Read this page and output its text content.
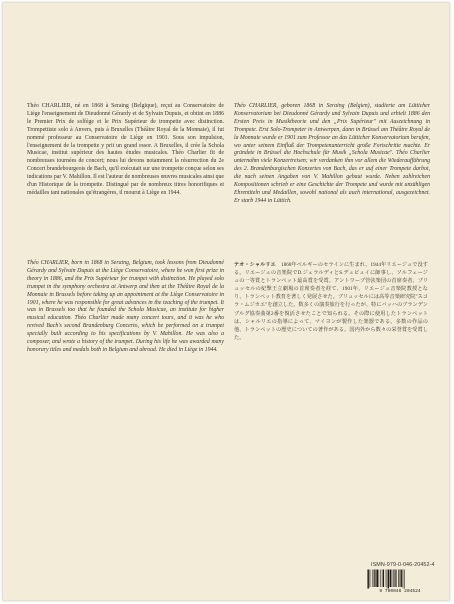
Théo CHARLIER, né en 1868 à Seraing (Belgique), reçut au Conservatoire de Liège l'enseignement de Dieudonné Gérardy et de Sylvain Dupuis, et obtint en 1886 le Premier Prix de solfège et le Prix Supérieur de trompette avec distinction. Trompettiste solo à Anvers, puis à Bruxelles (Théâtre Royal de la Monnaie), il fut nommé professeur au Conservatoire de Liège en 1901. Sous son impulsion, l'enseignement de la trompette y prit un grand essor. A Bruxelles, il crée la Schola Musicae, institut supérieur des hautes études musicales. Théo Charlier fit de nombreuses tournées de concert; nous lui devons notamment la résurrection du 2e Concert brandebourgeois de Bach, qu'il exécutait sur une trompette conçue selon ses indications par V. Mahillon. Il est l'auteur de nombreuses œuvres musicales ainsi que d'un Historique de la trompette. Distingué par de nombreux titres honorifiques et médailles tant nationales qu'étrangères, il mourut à Liège en 1944.

Théo CHARLIER, born in 1868 in Seraing, Belgium, took lessons from Dieudonné Gérardy and Sylvain Dupuis at the Liège Conservatoire, where he won first prize in theory in 1886, and the Prix Supérieur for trumpet with distinction. He played solo trumpet in the symphony orchestra at Antwerp and then at the Théâtre Royal de la Monnaie in Brussels before taking up an appointment at the Liège Conservatoire in 1901, where he was responsible for great advances in the teaching of the trumpet. It was in Brussels too that he founded the Schola Musicae, an institute for higher musical education. Théo Charlier made many concert tours, and it was he who revived Bach's second Brandenburg Concerto, which he performed on a trumpet specially built according to his specifications by V. Mahillon. He was also a composer, and wrote a history of the trumpet. During his life he was awarded many honorary titles and medals both in Belgium and abroad. He died in Liège in 1944.

Théo CHARLIER, geboren 1868 in Seraing (Belgien), studierte am Lütticher Konservatorium bei Dieudonné Gérardy und Sylvain Dupuis und erhielt 1886 den Ersten Preis in Musiktheorie und den „Prix Supérieur" mit Auszeichnung in Trompete. Erst Solo-Trompeter in Antwerpen, dann in Brüssel am Théâtre Royal de la Monnaie wurde er 1901 zum Professor an das Lütticher Konservatorium berufen, wo unter seinem Einfluß der Trompetenunterricht große Fortschritte machte. Er gründete in Brüssel die Hochschule für Musik „Schola Musicae". Théo Charlier unternahm viele Konzertreisen; wir verdanken ihm vor allem die Wiederaufführung des 2. Brandenburgischen Konzertes von Bach, das er auf einer Trompete darbot, die nach seinen Angaben von V. Mahillon gebaut wurde. Neben zahlreichen Kompositionen schrieb er eine Geschichte der Trompete und wurde mit unzähligen Ehrentiteln und Medaillen, sowohl national als auch international, ausgezeichnet. Er starb 1944 in Lüttich.

テオ・シャルリエ　1868年ベルギーのセラインに生まれ、1944年リエージュで没する。リエージュの音楽院でD.ジェラルディとS.デュピュイに師事し、ソルフェージュの一等賞とトランペット最高賞を受賞。アントワープ管弦楽団の首席奏者、ブリュッセルの紀撃王立劇場の首席奏者を経て、1901年、リエージュ音楽院教授となり、トランペット教育を著しく発展させた。ブリュッセルには高等音楽研究院"スコラ・ムジカエ"を創立した。数多くの演奏旅行を行ったが、特にバッハのブランデンブルグ協奏曲第2番を復活させたことで知られる。その際に使用したトランペットは、シャルリエの指導によって、マイヨンが製作した楽器である。多数の作品の他、トランペットの歴史についての著作がある。国内外から数々の栄誉賞を受賞した。

ISMN-979-0-046-20452-4
9 790046 204524
